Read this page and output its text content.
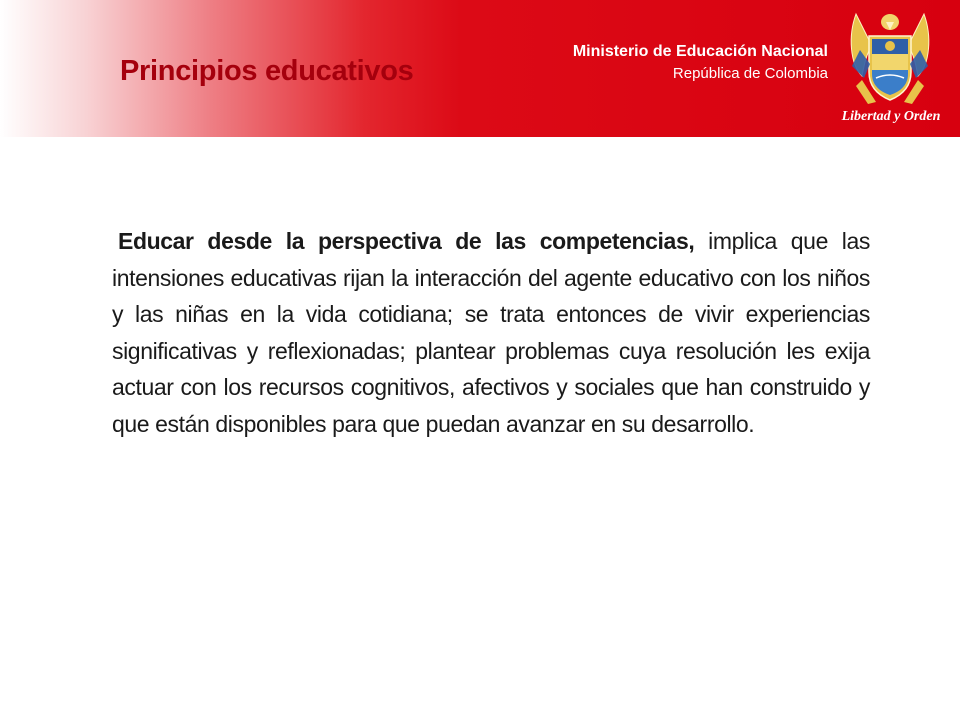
Principios educativos
Ministerio de Educación Nacional
República de Colombia
Libertad y Orden

Educar desde la perspectiva de las competencias, implica que las intensiones educativas rijan la interacción del agente educativo con los niños y las niñas en la vida cotidiana; se trata entonces de vivir experiencias significativas y reflexionadas; plantear problemas cuya resolución les exija actuar con los recursos cognitivos, afectivos y sociales que han construido y que están disponibles para que puedan avanzar en su desarrollo.
